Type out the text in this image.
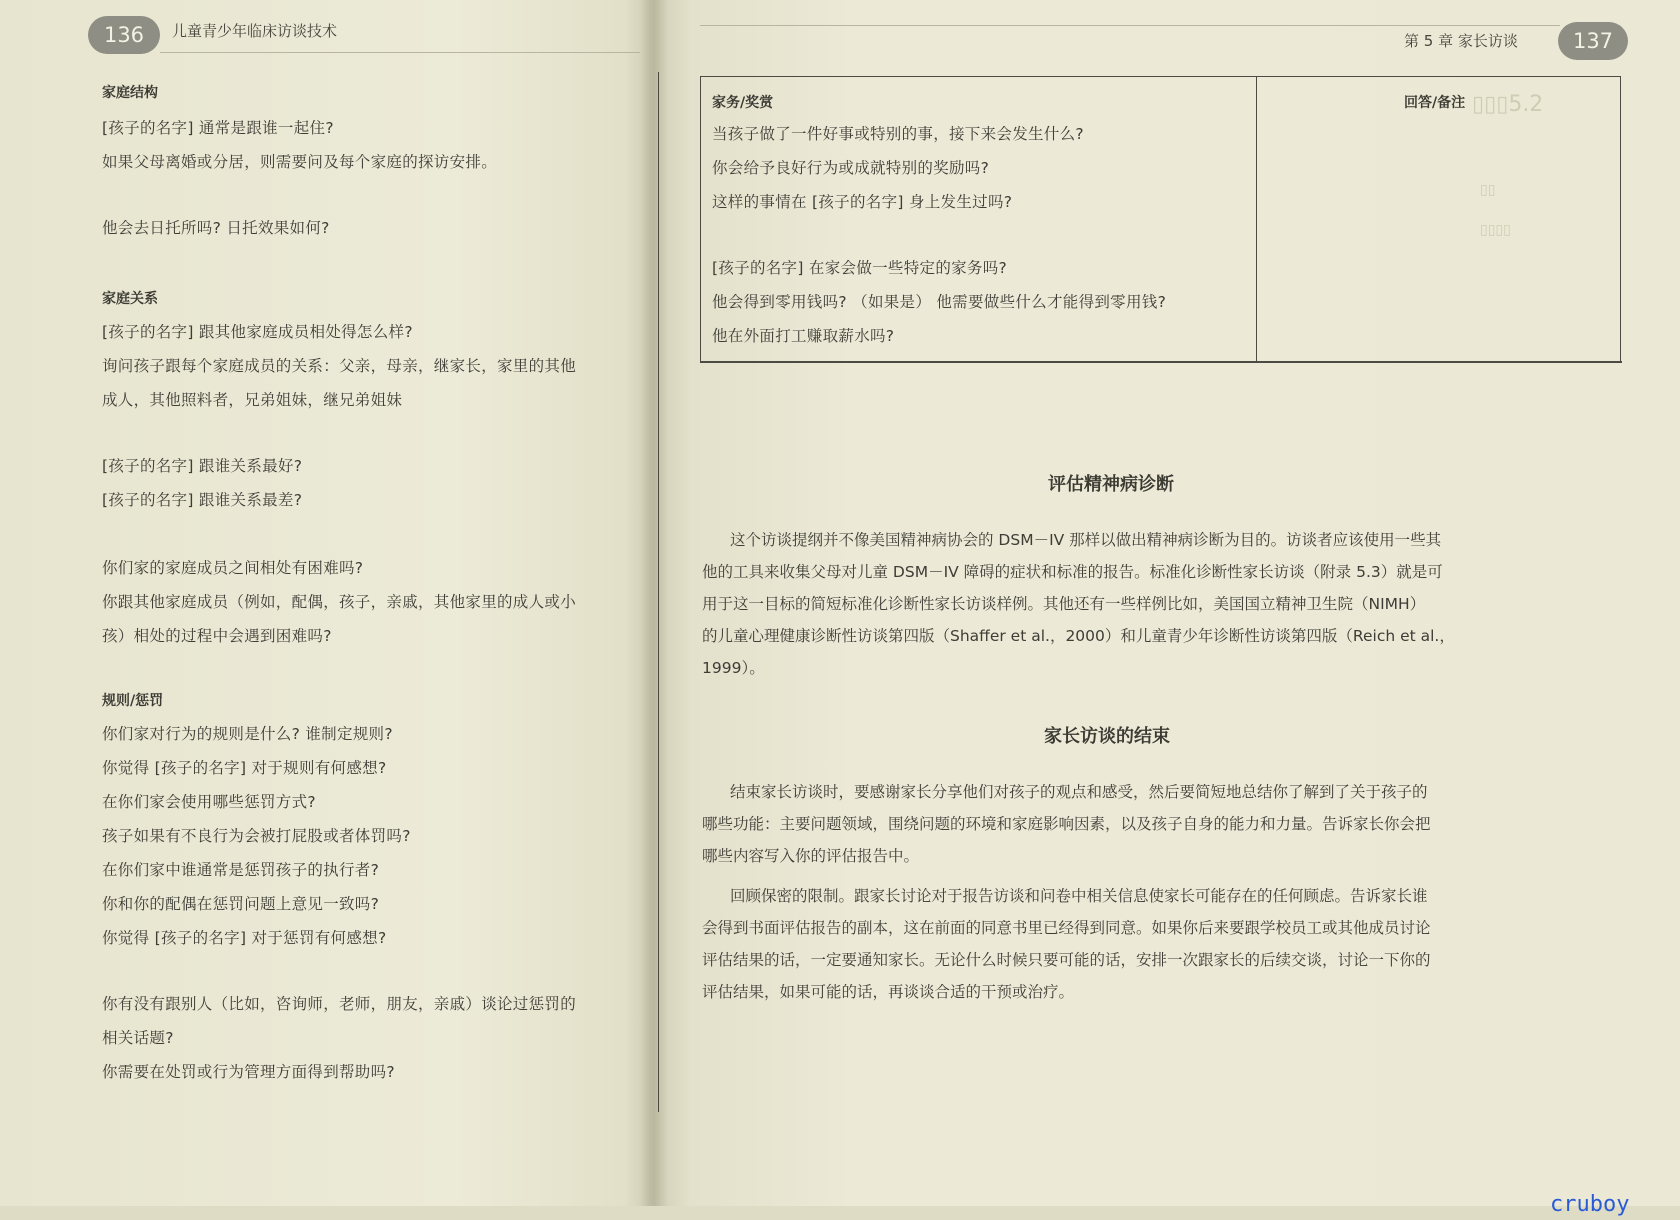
▯▯▯5.2
▯▯
▯▯▯▯
136	儿童青少年临床访谈技术
第 5 章 家长访谈	137
家庭结构
[孩子的名字] 通常是跟谁一起住?
如果父母离婚或分居，则需要问及每个家庭的探访安排。
他会去日托所吗? 日托效果如何?
家庭关系
[孩子的名字] 跟其他家庭成员相处得怎么样?
询问孩子跟每个家庭成员的关系：父亲，母亲，继家长，家里的其他
成人，其他照料者，兄弟姐妹，继兄弟姐妹
[孩子的名字] 跟谁关系最好?
[孩子的名字] 跟谁关系最差?
你们家的家庭成员之间相处有困难吗?
你跟其他家庭成员（例如，配偶，孩子，亲戚，其他家里的成人或小
孩）相处的过程中会遇到困难吗?
规则/惩罚
你们家对行为的规则是什么? 谁制定规则?
你觉得 [孩子的名字] 对于规则有何感想?
在你们家会使用哪些惩罚方式?
孩子如果有不良行为会被打屁股或者体罚吗?
在你们家中谁通常是惩罚孩子的执行者?
你和你的配偶在惩罚问题上意见一致吗?
你觉得 [孩子的名字] 对于惩罚有何感想?
你有没有跟别人（比如，咨询师，老师，朋友，亲戚）谈论过惩罚的
相关话题?
你需要在处罚或行为管理方面得到帮助吗?
回答/备注
家务/奖赏
当孩子做了一件好事或特别的事，接下来会发生什么?
你会给予良好行为或成就特别的奖励吗?
这样的事情在 [孩子的名字] 身上发生过吗?
[孩子的名字] 在家会做一些特定的家务吗?
他会得到零用钱吗? （如果是） 他需要做些什么才能得到零用钱?
他在外面打工赚取薪水吗?
评估精神病诊断
这个访谈提纲并不像美国精神病协会的 DSM－IV 那样以做出精神病诊断为目的。访谈者应该使用一些其
他的工具来收集父母对儿童 DSM－IV 障碍的症状和标准的报告。标准化诊断性家长访谈（附录 5.3）就是可
用于这一目标的简短标准化诊断性家长访谈样例。其他还有一些样例比如，美国国立精神卫生院（NIMH）
的儿童心理健康诊断性访谈第四版（Shaffer et al.，2000）和儿童青少年诊断性访谈第四版（Reich et al.，
1999）。
家长访谈的结束
结束家长访谈时，要感谢家长分享他们对孩子的观点和感受，然后要简短地总结你了解到了关于孩子的
哪些功能：主要问题领域，围绕问题的环境和家庭影响因素，以及孩子自身的能力和力量。告诉家长你会把
哪些内容写入你的评估报告中。
回顾保密的限制。跟家长讨论对于报告访谈和问卷中相关信息使家长可能存在的任何顾虑。告诉家长谁
会得到书面评估报告的副本，这在前面的同意书里已经得到同意。如果你后来要跟学校员工或其他成员讨论
评估结果的话，一定要通知家长。无论什么时候只要可能的话，安排一次跟家长的后续交谈，讨论一下你的
评估结果，如果可能的话，再谈谈合适的干预或治疗。
cruboy
